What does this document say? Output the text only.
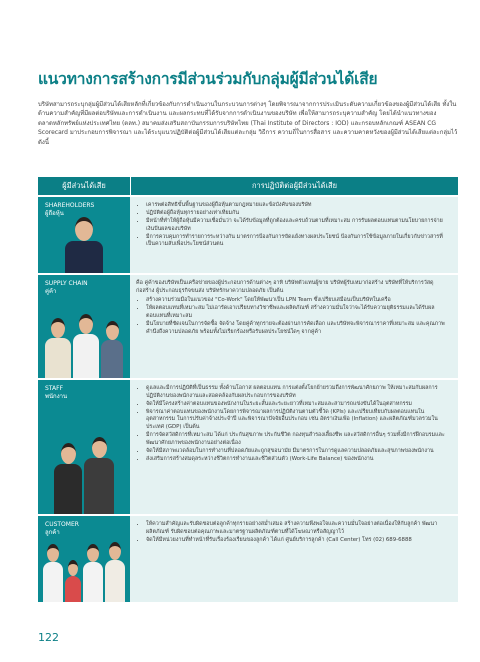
แนวทางการสร้างการมีส่วนร่วมกับกลุ่มผู้มีส่วนได้เสีย
บริษัทสามารถระบุกลุ่มผู้มีส่วนได้เสียหลักที่เกี่ยวข้องกับการดำเนินงานในกระบวนการต่างๆ โดยพิจารณาจากการประเมินระดับความเกี่ยวข้องของผู้มีส่วนได้เสีย ทั้งในด้านความสำคัญที่มีผลต่อบริษัทและการดำเนินงาน และผลกระทบที่ได้รับจากการดำเนินงานของบริษัท เพื่อให้สามารถระบุความสำคัญ โดยได้นำแนวทางของตลาดหลักทรัพย์แห่งประเทศไทย (ตลท.) สมาคมส่งเสริมสถาบันกรรมการบริษัทไทย (Thai Institute of Directors : IOD) และกรอบหลักเกณฑ์ ASEAN CG Scorecard มาประกอบการพิจารณา และได้ระบุแนวปฏิบัติต่อผู้มีส่วนได้เสียแต่ละกลุ่ม วิธีการ ความถี่ในการสื่อสาร และความคาดหวังของผู้มีส่วนได้เสียแต่ละกลุ่มไว้ดังนี้
ผู้มีส่วนได้เสีย	การปฏิบัติต่อผู้มีส่วนได้เสีย
SHAREHOLDERS
ผู้ถือหุ้น
• เคารพต่อสิทธิขั้นพื้นฐานของผู้ถือหุ้นตามกฎหมายและข้อบังคับของบริษัท
• ปฏิบัติต่อผู้ถือหุ้นทุกรายอย่างเท่าเทียมกัน
• มีหน้าที่ทำให้ผู้ถือหุ้นมีความเชื่อมั่นว่า จะได้รับข้อมูลที่ถูกต้องและครบถ้วนตามที่เหมาะสม การรับผลตอบแทนตามนโยบายการจ่ายเงินปันผลของบริษัท
• มีการควบคุมการทำรายการระหว่างกัน มาตรการป้องกันการขัดแย้งทางผลประโยชน์ ป้องกันการใช้ข้อมูลภายในเกี่ยวกับข่าวสารที่เป็นความลับเพื่อประโยชน์ส่วนตน
SUPPLY CHAIN
คู่ค้า

คือ คู่ค้าของบริษัทเป็นเครือข่ายของผู้ประกอบการด้านต่างๆ อาทิ บริษัทตัวแทนผู้ขาย บริษัทผู้รับเหมาก่อสร้าง บริษัทที่ให้บริการวัสดุก่อสร้าง ผู้ประกอบธุรกิจขนส่ง บริษัทรักษาความปลอดภัย เป็นต้น

• สร้างความร่วมมือในแนวของ "Co-Work" โดยให้พัฒนาเป็น LPN Team ซึ่งเปรียบเสมือนเป็นบริษัทในเครือ
• ให้ผลตอบแทนที่เหมาะสม ไม่เอารัดเอาเปรียบทางวิชาชีพและผลิตภัณฑ์ สร้างความมั่นใจว่าจะได้รับความยุติธรรมและได้รับผลตอบแทนที่เหมาะสม
• มีนโยบายที่ชัดเจนในการจัดซื้อ จัดจ้าง โดยคู่ค้าทุกรายจะต้องผ่านการคัดเลือก และบริษัทจะพิจารณาราคาที่เหมาะสม และคุณภาพ คำนึงถึงความปลอดภัย พร้อมทั้งไม่เรียกร้องหรือรับผลประโยชน์ใดๆ จากคู่ค้า
STAFF
พนักงาน
• ดูแลและมีการปฏิบัติที่เป็นธรรม ทั้งด้านโอกาส ผลตอบแทน การแต่งตั้งโยกย้ายรวมถึงการพัฒนาศักยภาพ ให้เหมาะสมกับผลการปฏิบัติงานของพนักงานและสอดคล้องกับผลประกอบการของบริษัท
• จัดให้มีโครงสร้างค่าตอบแทนของพนักงานในระยะสั้นและระยะยาวที่เหมาะสมและสามารถแข่งขันได้ในอุตสาหกรรม
• พิจารณาค่าตอบแทนของพนักงานโดยการพิจารณาผลการปฏิบัติงานตามตัวชี้วัด (KPIs) และเปรียบเทียบกับผลตอบแทนในอุตสาหกรรม ในการปรับค่าจ้างประจำปี และพิจารณาปัจจัยอื่นประกอบ เช่น อัตราเงินเฟ้อ (Inflation) และผลิตภัณฑ์มวลรวมในประเทศ (GDP) เป็นต้น
• มีการจัดสวัสดิการที่เหมาะสม ได้แก่ ประกันสุขภาพ ประกันชีวิต กองทุนสำรองเลี้ยงชีพ และสวัสดิการอื่นๆ รวมทั้งมีการฝึกอบรมและพัฒนาศักยภาพของพนักงานอย่างต่อเนื่อง
• จัดให้มีสภาพแวดล้อมในการทำงานที่ปลอดภัยและถูกสุขอนามัย มีมาตรการในการดูแลความปลอดภัยและสุขภาพของพนักงาน
• ส่งเสริมการสร้างสมดุลระหว่างชีวิตการทำงานและชีวิตส่วนตัว (Work-Life Balance) ของพนักงาน
CUSTOMER
ลูกค้า
• ให้ความสำคัญและรับผิดชอบต่อลูกค้าทุกรายอย่างสม่ำเสมอ สร้างความพึงพอใจและความมั่นใจอย่างต่อเนื่องให้กับลูกค้า พัฒนาผลิตภัณฑ์ รับผิดชอบต่อคุณภาพและมาตรฐานผลิตภัณฑ์ตามที่ได้โฆษณาหรือสัญญาไว้
• จัดให้มีหน่วยงานที่ทำหน้าที่รับเรื่องร้องเรียนของลูกค้า ได้แก่ ศูนย์บริการลูกค้า (Call Center) โทร (02) 689-6888
122
